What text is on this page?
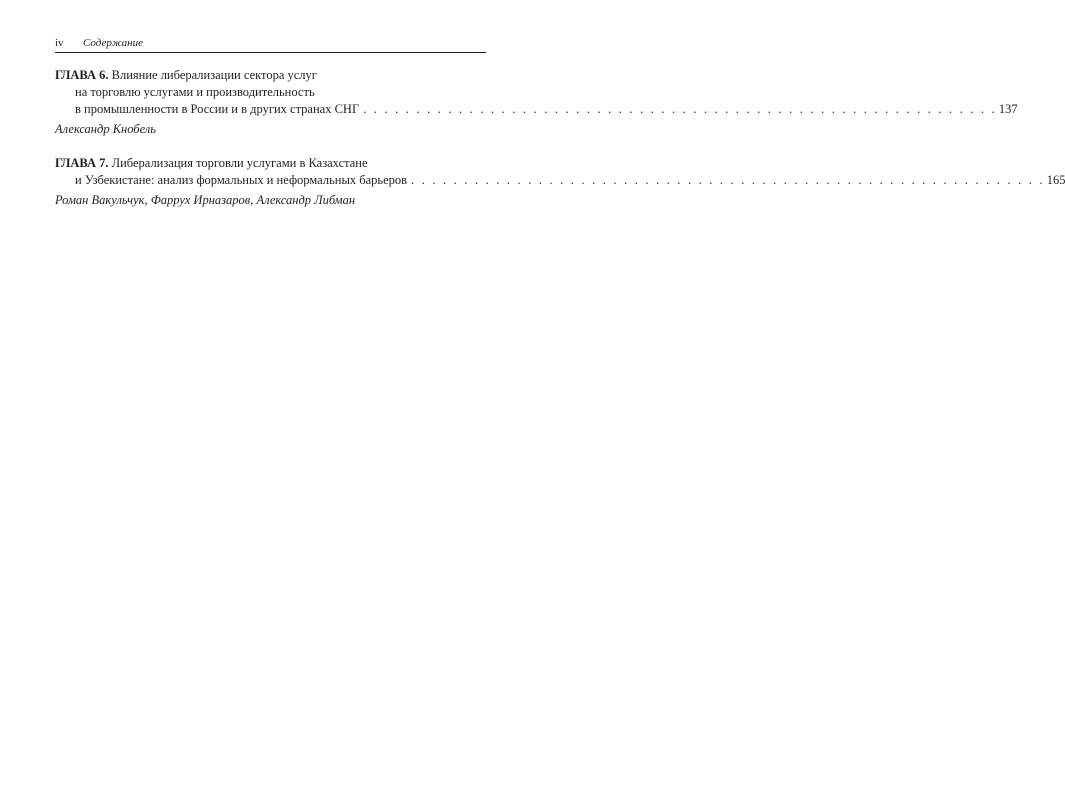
iv Содержание
ГЛАВА 6. Влияние либерализации сектора услуг
на торговлю услугами и производительность
в промышленности в России и в других странах СНГ . . . . . . . . . . . . . . . . . . . . . . . . . . . . . . . . . . . . . . . . . . . . . . . . . . . . . . . . . . . . 137
Александр Кнобель
ГЛАВА 7. Либерализация торговли услугами в Казахстане
и Узбекистане: анализ формальных и неформальных барьеров . . . . . . . . . . . . . . . . . . . . . . . . . . . . . . . . . . . . . . . . . . . . . . . . . . . . . . . . . . . . 165
Роман Вакульчук, Фаррух Ирназаров, Александр Либман
